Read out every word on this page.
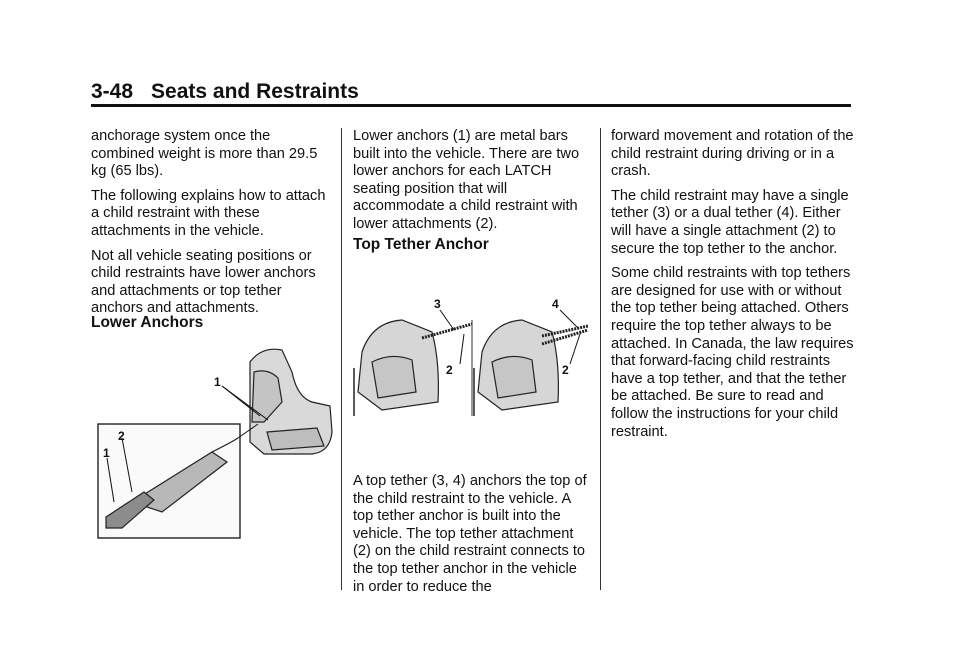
3-48 Seats and Restraints

anchorage system once the combined weight is more than 29.5 kg (65 lbs).

The following explains how to attach a child restraint with these attachments in the vehicle.

Not all vehicle seating positions or child restraints have lower anchors and attachments or top tether anchors and attachments.

Lower Anchors
1
2
1

Lower anchors (1) are metal bars built into the vehicle. There are two lower anchors for each LATCH seating position that will accommodate a child restraint with lower attachments (2).

Top Tether Anchor
3
2
4
2

A top tether (3, 4) anchors the top of the child restraint to the vehicle. A top tether anchor is built into the vehicle. The top tether attachment (2) on the child restraint connects to the top tether anchor in the vehicle in order to reduce the

forward movement and rotation of the child restraint during driving or in a crash.

The child restraint may have a single tether (3) or a dual tether (4). Either will have a single attachment (2) to secure the top tether to the anchor.

Some child restraints with top tethers are designed for use with or without the top tether being attached. Others require the top tether always to be attached. In Canada, the law requires that forward-facing child restraints have a top tether, and that the tether be attached. Be sure to read and follow the instructions for your child restraint.
